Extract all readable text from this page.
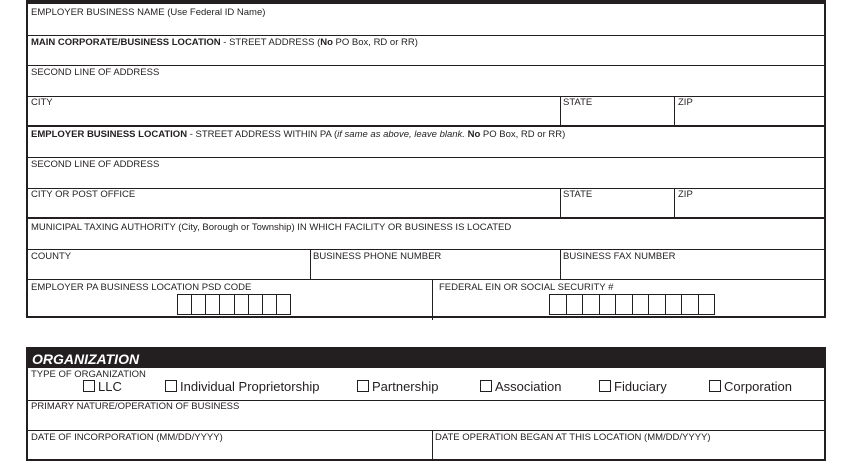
EMPLOYER BUSINESS NAME (Use Federal ID Name)
MAIN CORPORATE/BUSINESS LOCATION - STREET ADDRESS (No PO Box, RD or RR)
SECOND LINE OF ADDRESS
CITY	STATE	ZIP
EMPLOYER BUSINESS LOCATION - STREET ADDRESS WITHIN PA (if same as above, leave blank. No PO Box, RD or RR)
SECOND LINE OF ADDRESS
CITY OR POST OFFICE	STATE	ZIP
MUNICIPAL TAXING AUTHORITY (City, Borough or Township) IN WHICH FACILITY OR BUSINESS IS LOCATED
COUNTY	BUSINESS PHONE NUMBER	BUSINESS FAX NUMBER
EMPLOYER PA BUSINESS LOCATION PSD CODE	FEDERAL EIN OR SOCIAL SECURITY #
ORGANIZATION
TYPE OF ORGANIZATION
LLC	Individual Proprietorship	Partnership	Association	Fiduciary	Corporation
PRIMARY NATURE/OPERATION OF BUSINESS
DATE OF INCORPORATION (MM/DD/YYYY)	DATE OPERATION BEGAN AT THIS LOCATION (MM/DD/YYYY)
